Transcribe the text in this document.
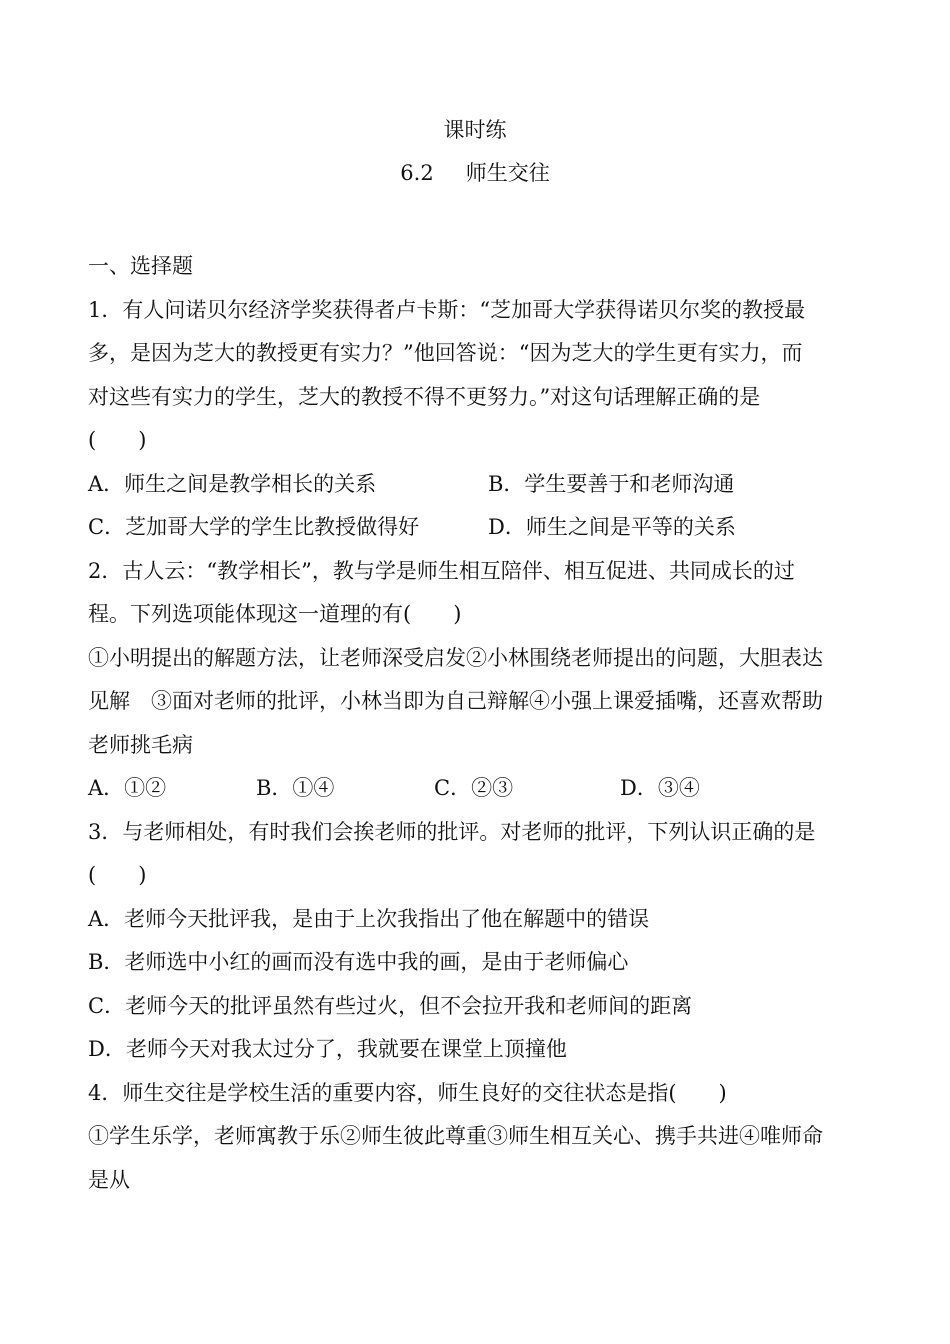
课时练
6.2 师生交往
一、选择题
1．有人问诺贝尔经济学奖获得者卢卡斯：“芝加哥大学获得诺贝尔奖的教授最
多，是因为芝大的教授更有实力？”他回答说：“因为芝大的学生更有实力，而
对这些有实力的学生，芝大的教授不得不更努力。”对这句话理解正确的是
(　　)
A．师生之间是教学相长的关系	B．学生要善于和老师沟通
C．芝加哥大学的学生比教授做得好	D．师生之间是平等的关系
2．古人云：“教学相长”，教与学是师生相互陪伴、相互促进、共同成长的过
程。下列选项能体现这一道理的有(　　)
①小明提出的解题方法，让老师深受启发②小林围绕老师提出的问题，大胆表达
见解　③面对老师的批评，小林当即为自己辩解④小强上课爱插嘴，还喜欢帮助
老师挑毛病
A．①②	B．①④	C．②③	D．③④
3．与老师相处，有时我们会挨老师的批评。对老师的批评，下列认识正确的是
(　　)
A．老师今天批评我，是由于上次我指出了他在解题中的错误
B．老师选中小红的画而没有选中我的画，是由于老师偏心
C．老师今天的批评虽然有些过火，但不会拉开我和老师间的距离
D．老师今天对我太过分了，我就要在课堂上顶撞他
4．师生交往是学校生活的重要内容，师生良好的交往状态是指(　　)
①学生乐学，老师寓教于乐②师生彼此尊重③师生相互关心、携手共进④唯师命
是从
